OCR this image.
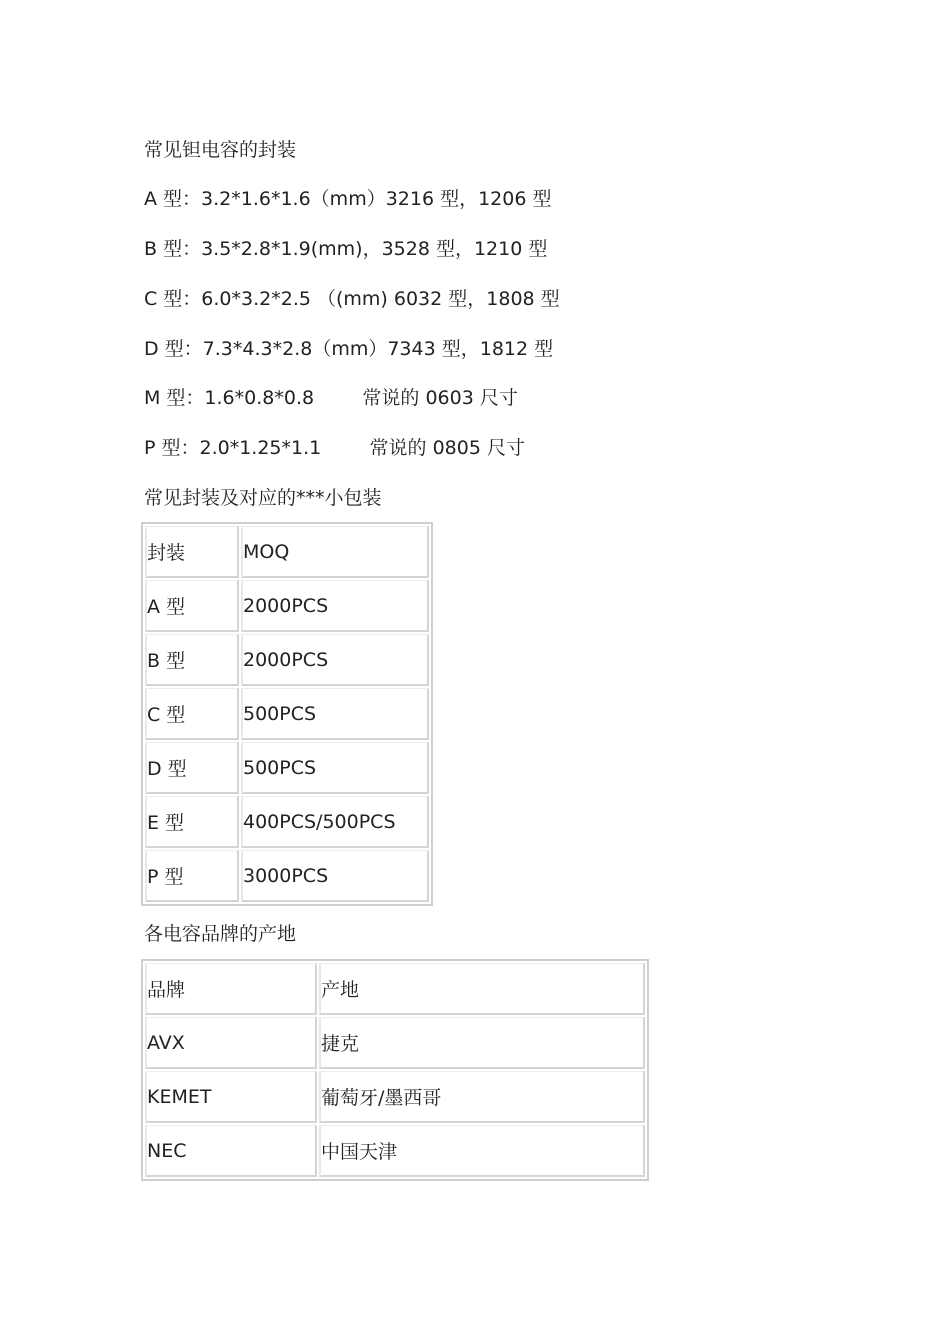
常见钽电容的封装
A 型：3.2*1.6*1.6（mm）3216 型，1206 型
B 型：3.5*2.8*1.9(mm)，3528 型，1210 型
C 型：6.0*3.2*2.5 （(mm) 6032 型，1808 型
D 型：7.3*4.3*2.8（mm）7343 型，1812 型
M 型：1.6*0.8*0.8        常说的 0603 尺寸
P 型：2.0*1.25*1.1        常说的 0805 尺寸
常见封装及对应的***小包装
封装	MOQ
A 型	2000PCS
B 型	2000PCS
C 型	500PCS
D 型	500PCS
E 型	400PCS/500PCS
P 型	3000PCS
各电容品牌的产地
品牌	产地
AVX	捷克
KEMET	葡萄牙/墨西哥
NEC	中国天津
